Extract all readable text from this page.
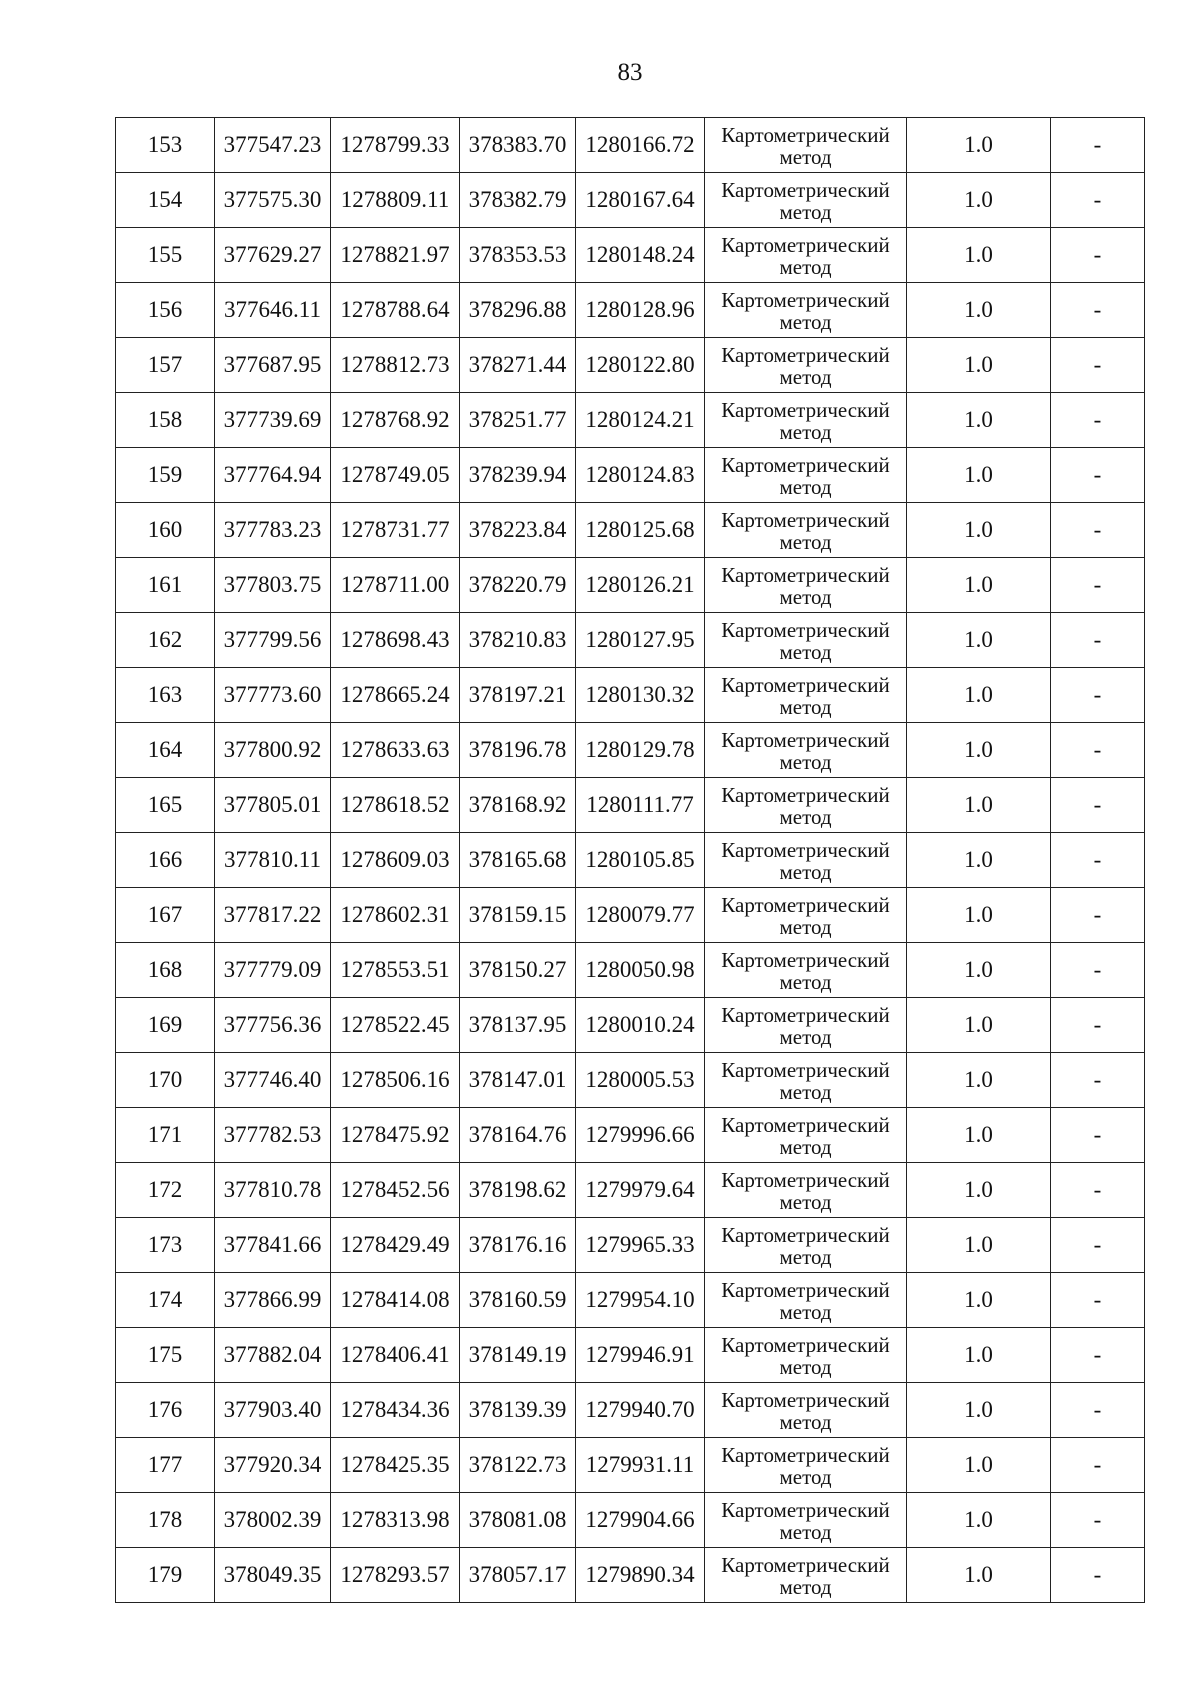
83
153	377547.23	1278799.33	378383.70	1280166.72	Картометрический
метод	1.0	-
154	377575.30	1278809.11	378382.79	1280167.64	Картометрический
метод	1.0	-
155	377629.27	1278821.97	378353.53	1280148.24	Картометрический
метод	1.0	-
156	377646.11	1278788.64	378296.88	1280128.96	Картометрический
метод	1.0	-
157	377687.95	1278812.73	378271.44	1280122.80	Картометрический
метод	1.0	-
158	377739.69	1278768.92	378251.77	1280124.21	Картометрический
метод	1.0	-
159	377764.94	1278749.05	378239.94	1280124.83	Картометрический
метод	1.0	-
160	377783.23	1278731.77	378223.84	1280125.68	Картометрический
метод	1.0	-
161	377803.75	1278711.00	378220.79	1280126.21	Картометрический
метод	1.0	-
162	377799.56	1278698.43	378210.83	1280127.95	Картометрический
метод	1.0	-
163	377773.60	1278665.24	378197.21	1280130.32	Картометрический
метод	1.0	-
164	377800.92	1278633.63	378196.78	1280129.78	Картометрический
метод	1.0	-
165	377805.01	1278618.52	378168.92	1280111.77	Картометрический
метод	1.0	-
166	377810.11	1278609.03	378165.68	1280105.85	Картометрический
метод	1.0	-
167	377817.22	1278602.31	378159.15	1280079.77	Картометрический
метод	1.0	-
168	377779.09	1278553.51	378150.27	1280050.98	Картометрический
метод	1.0	-
169	377756.36	1278522.45	378137.95	1280010.24	Картометрический
метод	1.0	-
170	377746.40	1278506.16	378147.01	1280005.53	Картометрический
метод	1.0	-
171	377782.53	1278475.92	378164.76	1279996.66	Картометрический
метод	1.0	-
172	377810.78	1278452.56	378198.62	1279979.64	Картометрический
метод	1.0	-
173	377841.66	1278429.49	378176.16	1279965.33	Картометрический
метод	1.0	-
174	377866.99	1278414.08	378160.59	1279954.10	Картометрический
метод	1.0	-
175	377882.04	1278406.41	378149.19	1279946.91	Картометрический
метод	1.0	-
176	377903.40	1278434.36	378139.39	1279940.70	Картометрический
метод	1.0	-
177	377920.34	1278425.35	378122.73	1279931.11	Картометрический
метод	1.0	-
178	378002.39	1278313.98	378081.08	1279904.66	Картометрический
метод	1.0	-
179	378049.35	1278293.57	378057.17	1279890.34	Картометрический
метод	1.0	-
